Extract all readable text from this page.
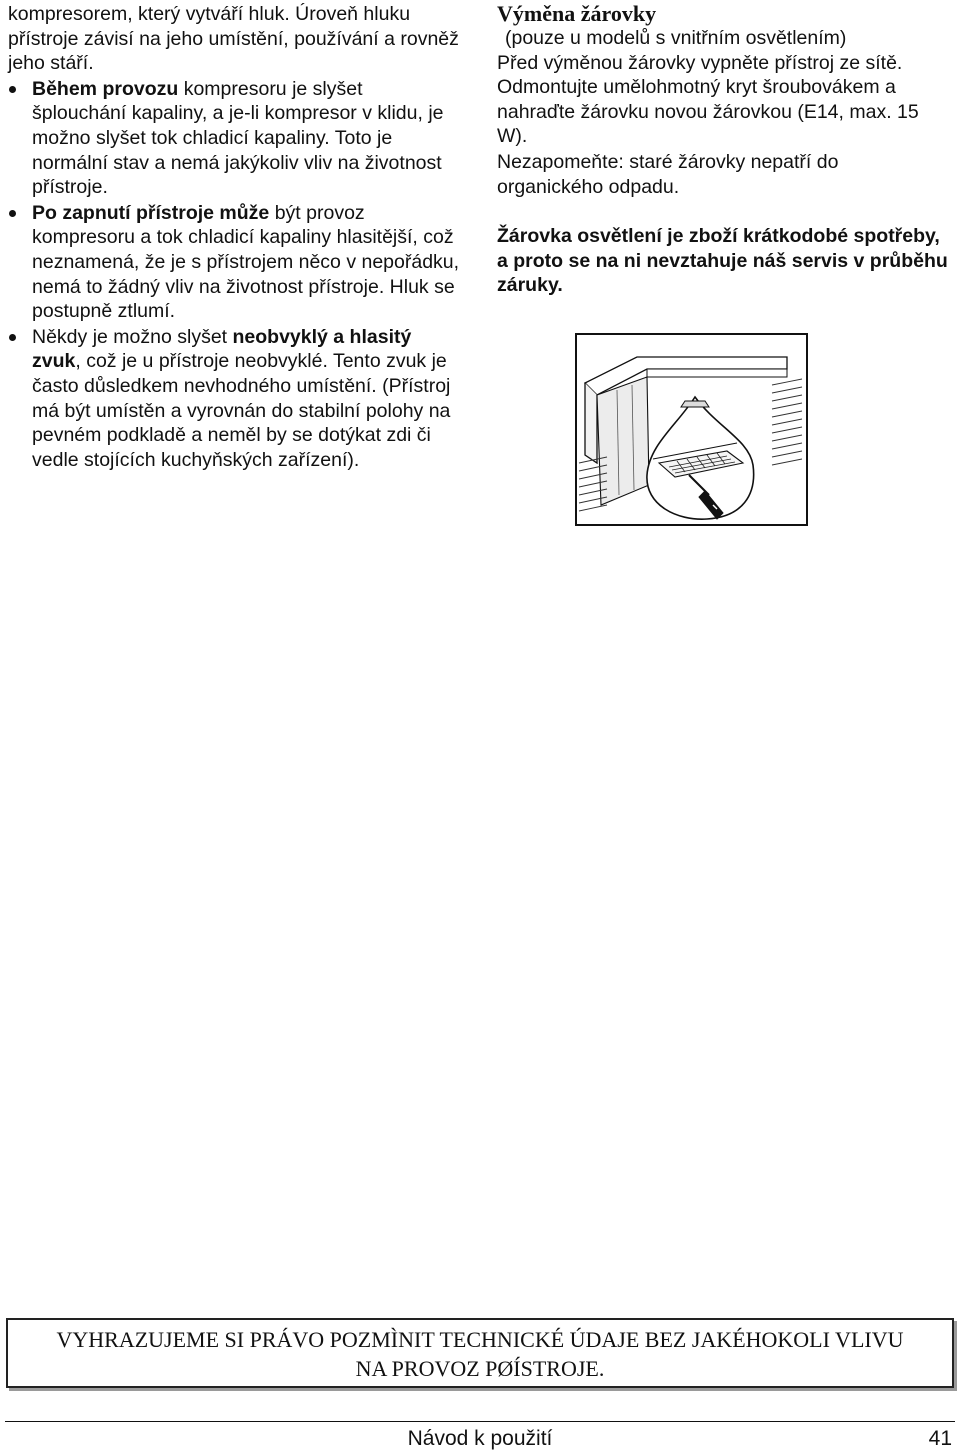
kompresorem, který vytváří hluk. Úroveň hluku přístroje závisí na jeho umístění, používání a rovněž jeho stáří.

Během provozu kompresoru je slyšet šplouchání kapaliny, a je-li kompresor v klidu, je možno slyšet tok chladicí kapaliny. Toto je normální stav a nemá jakýkoliv vliv na životnost přístroje.
Po zapnutí přístroje může být provoz kompresoru a tok chladicí kapaliny hlasitější, což neznamená, že je s přístrojem něco v nepořádku, nemá to žádný vliv na životnost přístroje. Hluk se postupně ztlumí.
Někdy je možno slyšet neobvyklý a hlasitý zvuk, což je u přístroje neobvyklé. Tento zvuk je často důsledkem nevhodného umístění. (Přístroj má být umístěn a vyrovnán do stabilní polohy na pevném podkladě a neměl by se dotýkat zdi či vedle stojících kuchyňských zařízení).

Výměna žárovky

(pouze u modelů s vnitřním osvětlením)

Před výměnou žárovky vypněte přístroj ze sítě. Odmontujte umělohmotný kryt šroubovákem a nahraďte žárovku novou žárovkou (E14, max. 15 W).

Nezapomeňte: staré žárovky nepatří do organického odpadu.

Žárovka osvětlení je zboží krátkodobé spotřeby, a proto se na ni nevztahuje náš servis v průběhu záruky.

VYHRAZUJEME SI PRÁVO POZMÌNIT TECHNICKÉ ÚDAJE BEZ JAKÉHOKOLI VLIVU
NA PROVOZ PØÍSTROJE.
Návod k použití	41
